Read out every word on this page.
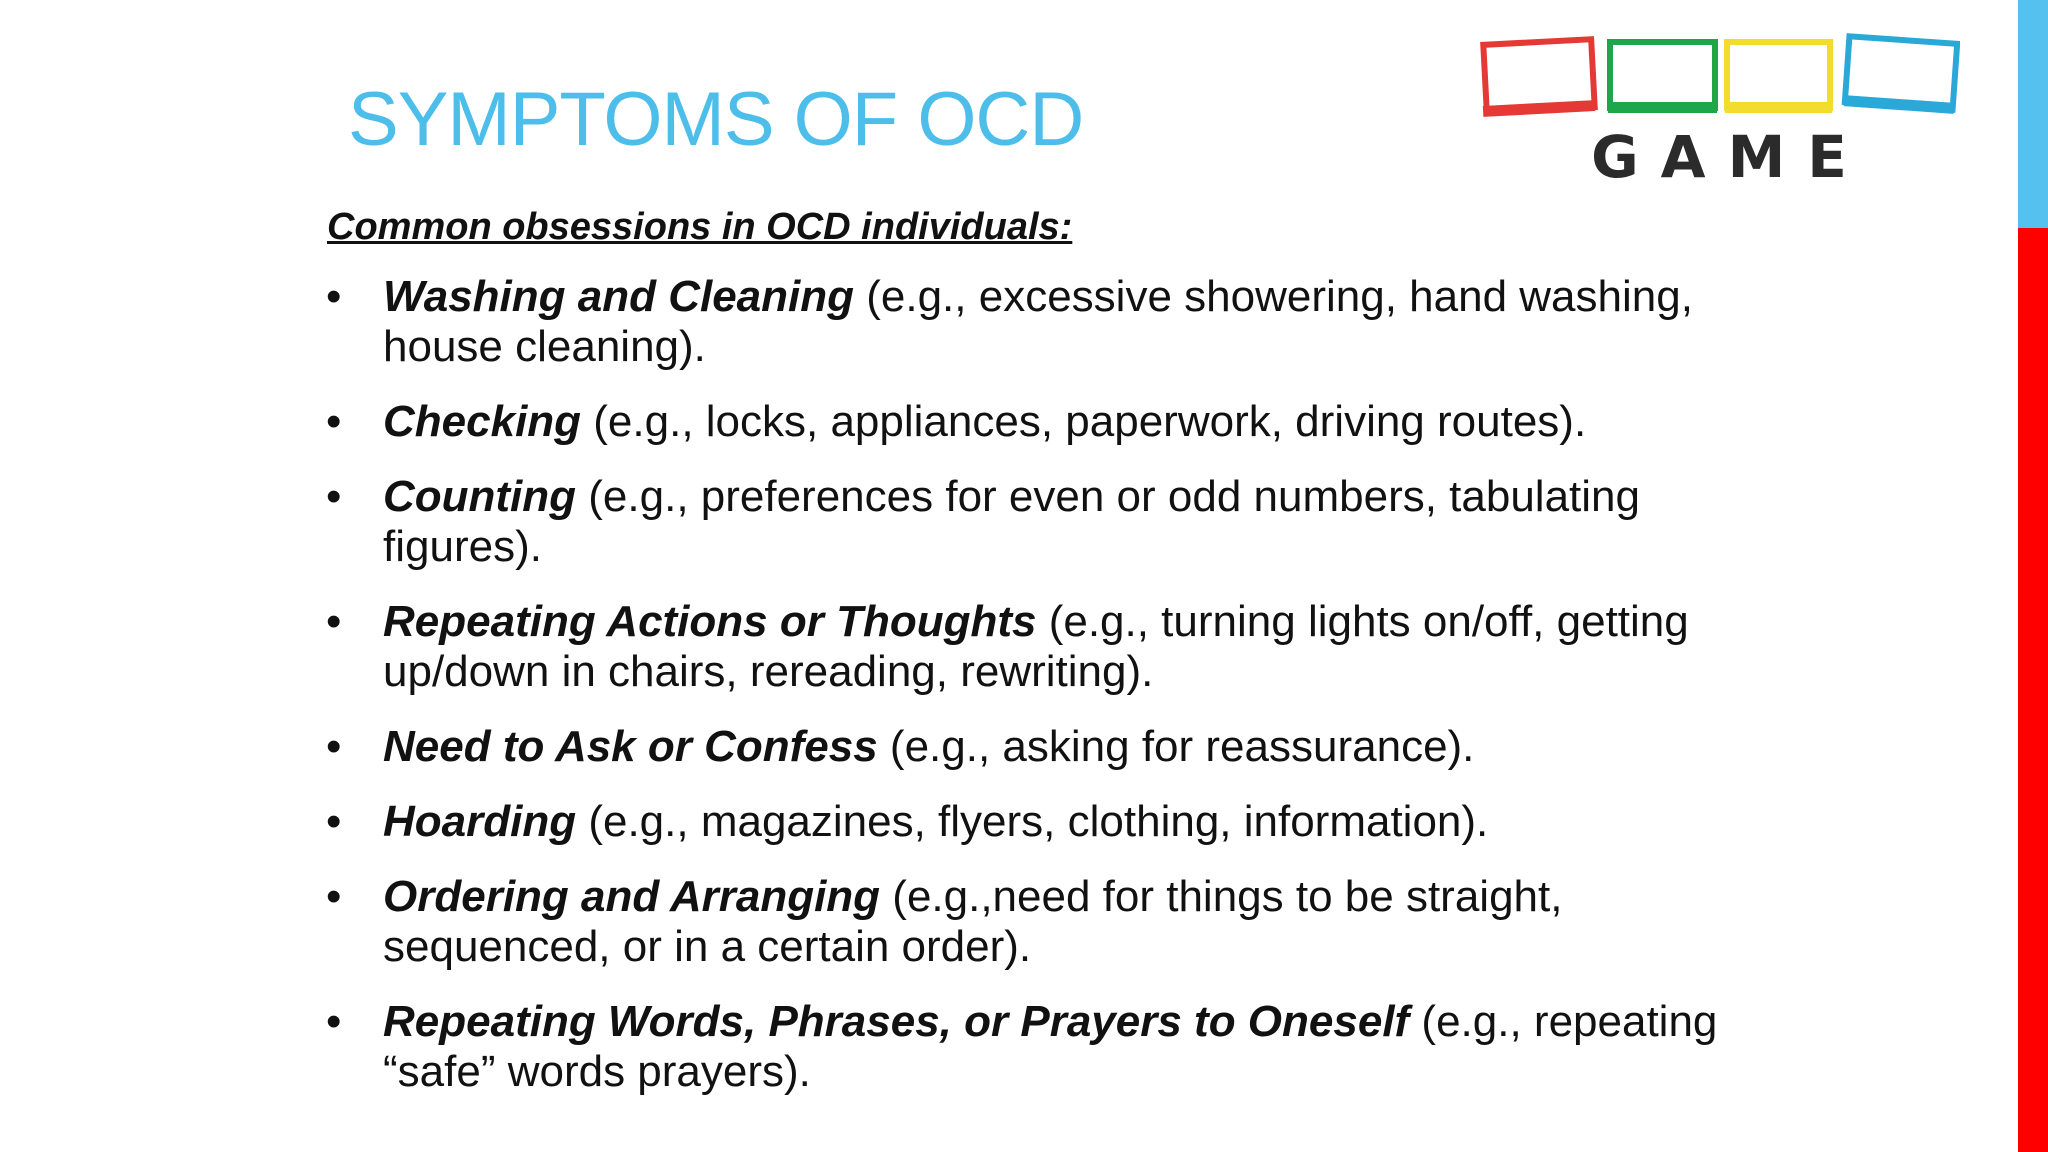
SYMPTOMS OF OCD	GAME

Common obsessions in OCD individuals:

• Washing and Cleaning (e.g., excessive showering, hand washing, house cleaning).
• Checking (e.g., locks, appliances, paperwork, driving routes).
• Counting (e.g., preferences for even or odd numbers, tabulating figures).
• Repeating Actions or Thoughts (e.g., turning lights on/off, getting up/down in chairs, rereading, rewriting).
• Need to Ask or Confess (e.g., asking for reassurance).
• Hoarding (e.g., magazines, flyers, clothing, information).
• Ordering and Arranging (e.g.,need for things to be straight, sequenced, or in a certain order).
• Repeating Words, Phrases, or Prayers to Oneself (e.g., repeating “safe” words prayers).
